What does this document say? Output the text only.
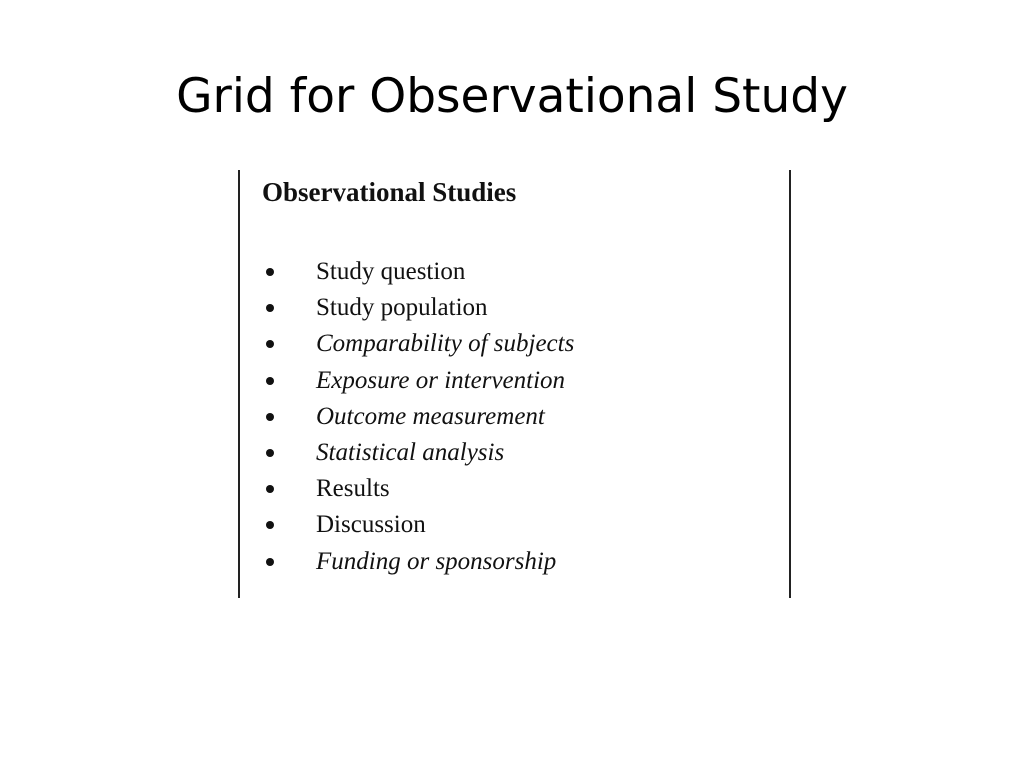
Grid for Observational Study
Observational Studies
Study question
Study population
Comparability of subjects
Exposure or intervention
Outcome measurement
Statistical analysis
Results
Discussion
Funding or sponsorship
